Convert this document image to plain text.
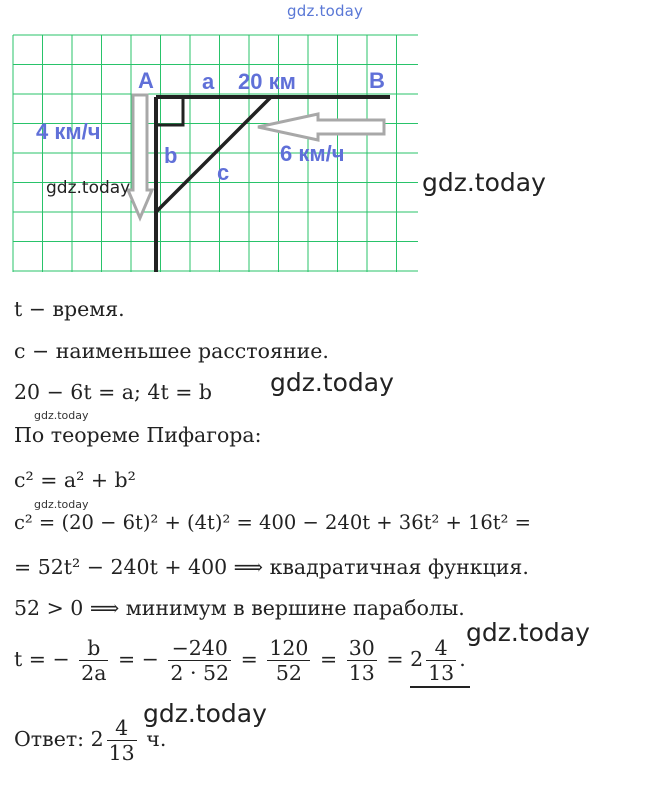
gdz.today
A a 20 км	B
4 км/ч
b	6 км/ч
c
gdz.today	gdz.today
t − время.
c − наименьшее расстояние.
20 − 6t = a; 4t = b gdz.today
gdz.today
По теореме Пифагора:
c² = a² + b²
gdz.today
c² = (20 − 6t)² + (4t)² = 400 − 240t + 36t² + 16t² =
= 52t² − 240t + 400 ⟹ квадратичная функция.
52 > 0 ⟹ минимум в вершине параболы.
gdz.today
t = − $\frac{b}{2a}$ = − $\frac{-240}{2 \cdot 52} = \frac{120}{52} = \frac{30}{13} = 2 \frac{4}{13}$ .
gdz.today
Ответ: $2 \frac{4}{13} ч$.
